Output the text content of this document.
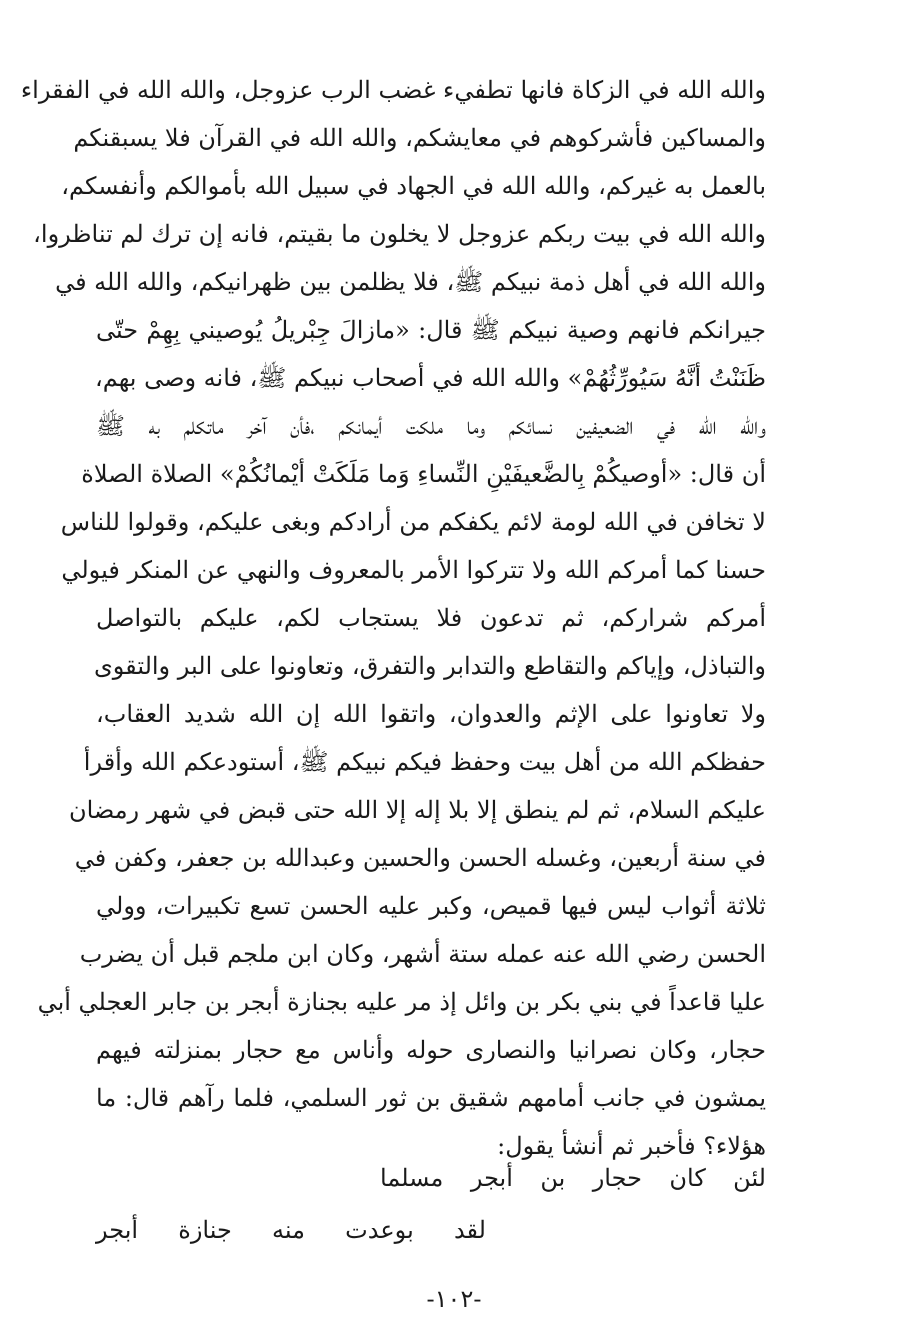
والله الله في الزكاة فانها تطفيء غضب الرب عزوجل، والله الله في الفقراء
والمساكين فأشركوهم في معايشكم، والله الله في القرآن فلا يسبقنكم
بالعمل به غيركم، والله الله في الجهاد في سبيل الله بأموالكم وأنفسكم،
والله الله في بيت ربكم عزوجل لا يخلون ما بقيتم، فانه إن ترك لم تناظروا،
والله الله في أهل ذمة نبيكم ﷺ، فلا يظلمن بين ظهرانيكم، والله الله في
جيرانكم فانهم وصية نبيكم ﷺ قال: «مازالَ جِبْريلُ يُوصيني بِهِمْ حتّى
ظَنَنْتُ أنَّهُ سَيُورِّثُهُمْ» والله الله في أصحاب نبيكم ﷺ، فانه وصى بهم،
والله الله في الضعيفين نسائكم وما ملكت أيمانكم ،فأن آخر ماتكلم به ﷺ
أن قال: «أوصيكُمْ بِالضَّعيفَيْنِ النِّساءِ وَما مَلَكَتْ أيْمانُكُمْ» الصلاة الصلاة
لا تخافن في الله لومة لائم يكفكم من أرادكم وبغى عليكم، وقولوا للناس
حسنا كما أمركم الله ولا تتركوا الأمر بالمعروف والنهي عن المنكر فيولي
أمركم شراركم، ثم تدعون فلا يستجاب لكم، عليكم بالتواصل
والتباذل، وإياكم والتقاطع والتدابر والتفرق، وتعاونوا على البر والتقوى
ولا تعاونوا على الإثم والعدوان، واتقوا الله إن الله شديد العقاب،
حفظكم الله من أهل بيت وحفظ فيكم نبيكم ﷺ، أستودعكم الله وأقرأ
عليكم السلام، ثم لم ينطق إلا بلا إله إلا الله حتى قبض في شهر رمضان
في سنة أربعين، وغسله الحسن والحسين وعبدالله بن جعفر، وكفن في
ثلاثة أثواب ليس فيها قميص، وكبر عليه الحسن تسع تكبيرات، وولي
الحسن رضي الله عنه عمله ستة أشهر، وكان ابن ملجم قبل أن يضرب
عليا قاعداً في بني بكر بن وائل إذ مر عليه بجنازة أبجر بن جابر العجلي أبي
حجار، وكان نصرانيا والنصارى حوله وأناس مع حجار بمنزلته فيهم
يمشون في جانب أمامهم شقيق بن ثور السلمي، فلما رآهم قال: ما
هؤلاء؟ فأخبر ثم أنشأ يقول:
لئن كان حجار بن أبجر مسلما
لقد بوعدت منه جنازة أبجر
-١٠٢-
